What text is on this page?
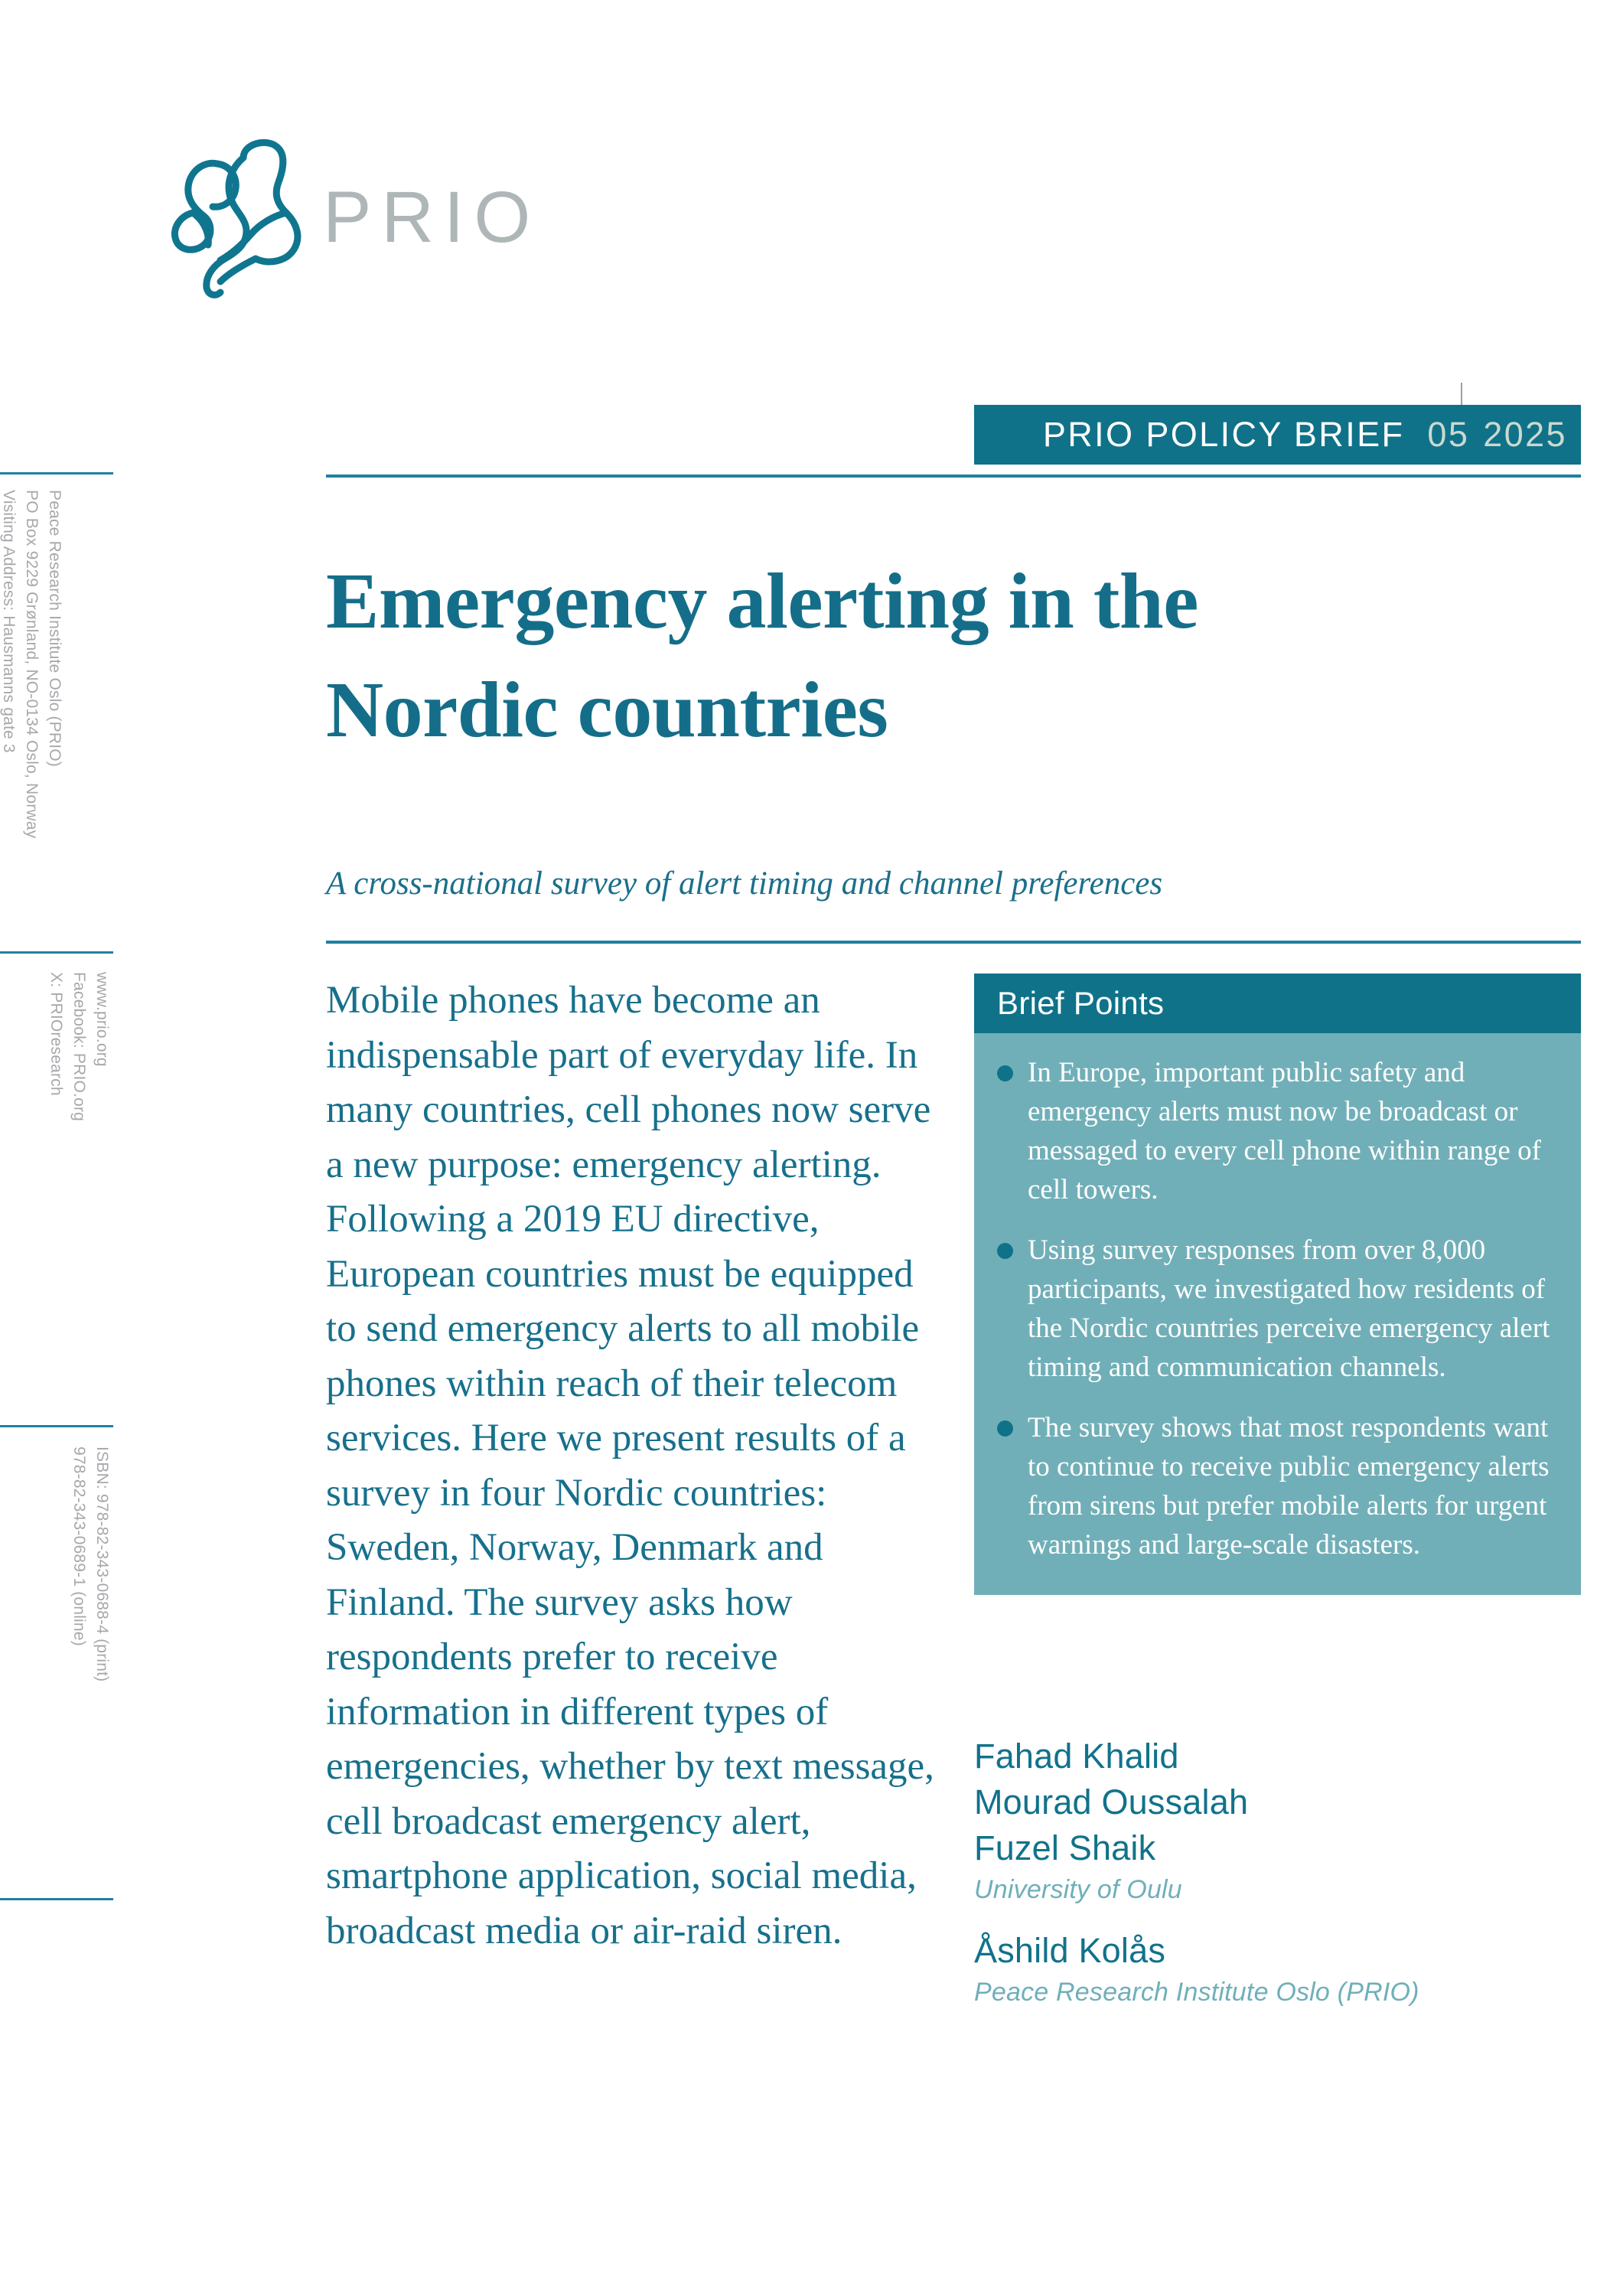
Peace Research Institute Oslo (PRIO)
PO Box 9229 Grønland, NO-0134 Oslo, Norway
Visiting Address: Hausmanns gate 3
www.prio.org
Facebook: PRIO.org
X: PRIOresearch
ISBN: 978-82-343-0688-4 (print)
978-82-343-0689-1 (online)
PRIO
PRIO POLICY BRIEF 05 2025
Emergency alerting in the
Nordic countries
A cross-national survey of alert timing and channel preferences
Mobile phones have become an indispensable part of everyday life. In many countries, cell phones now serve a new purpose: emergency alerting. Following a 2019 EU directive, European countries must be equipped to send emergency alerts to all mobile phones within reach of their telecom services. Here we present results of a survey in four Nordic countries: Sweden, Norway, Denmark and Finland. The survey asks how respondents prefer to receive information in different types of emergencies, whether by text message, cell broadcast emergency alert, smartphone application, social media, broadcast media or air-raid siren.
Brief Points
In Europe, important public safety and emergency alerts must now be broadcast or messaged to every cell phone within range of cell towers.
Using survey responses from over 8,000 participants, we investigated how residents of the Nordic countries perceive emergency alert timing and communication channels.
The survey shows that most respondents want to continue to receive public emergency alerts from sirens but prefer mobile alerts for urgent warnings and large-scale disasters.
Fahad Khalid
Mourad Oussalah
Fuzel Shaik
University of Oulu
Åshild Kolås
Peace Research Institute Oslo (PRIO)
